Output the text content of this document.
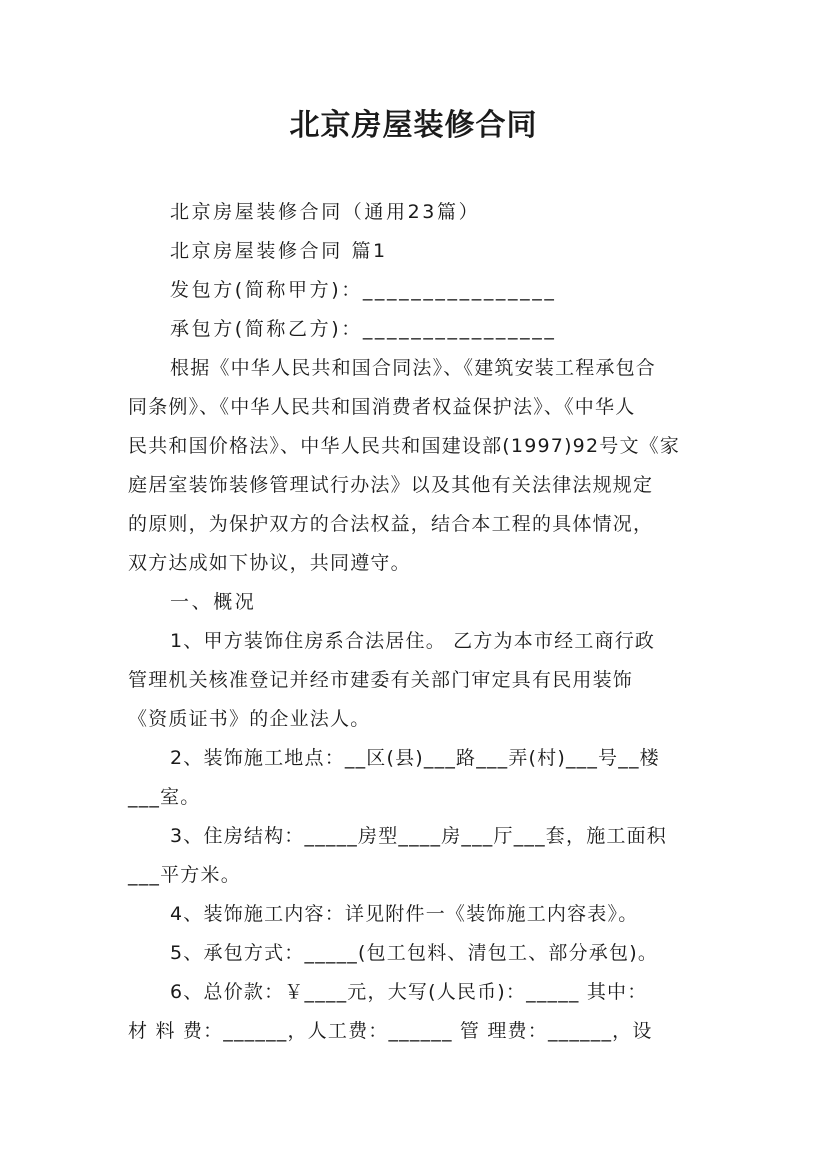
北京房屋装修合同
北京房屋装修合同（通用23篇）
北京房屋装修合同 篇1
发包方(简称甲方)：________________
承包方(简称乙方)：________________
根据《中华人民共和国合同法》、《建筑安装工程承包合
同条例》、《中华人民共和国消费者权益保护法》、《中华人
民共和国价格法》、中华人民共和国建设部(1997)92号文《家
庭居室装饰装修管理试行办法》以及其他有关法律法规规定
的原则，为保护双方的合法权益，结合本工程的具体情况，
双方达成如下协议，共同遵守。
一、概况
1、甲方装饰住房系合法居住。 乙方为本市经工商行政
管理机关核准登记并经市建委有关部门审定具有民用装饰
《资质证书》的企业法人。
2、装饰施工地点：__区(县)___路___弄(村)___号__楼
___室。
3、住房结构：_____房型____房___厅___套，施工面积
___平方米。
4、装饰施工内容：详见附件一《装饰施工内容表》。
5、承包方式：_____(包工包料、清包工、部分承包)。
6、总价款：￥____元，大写(人民币)：_____ 其中：
材 料 费：______，人工费：______ 管 理费：______，设
